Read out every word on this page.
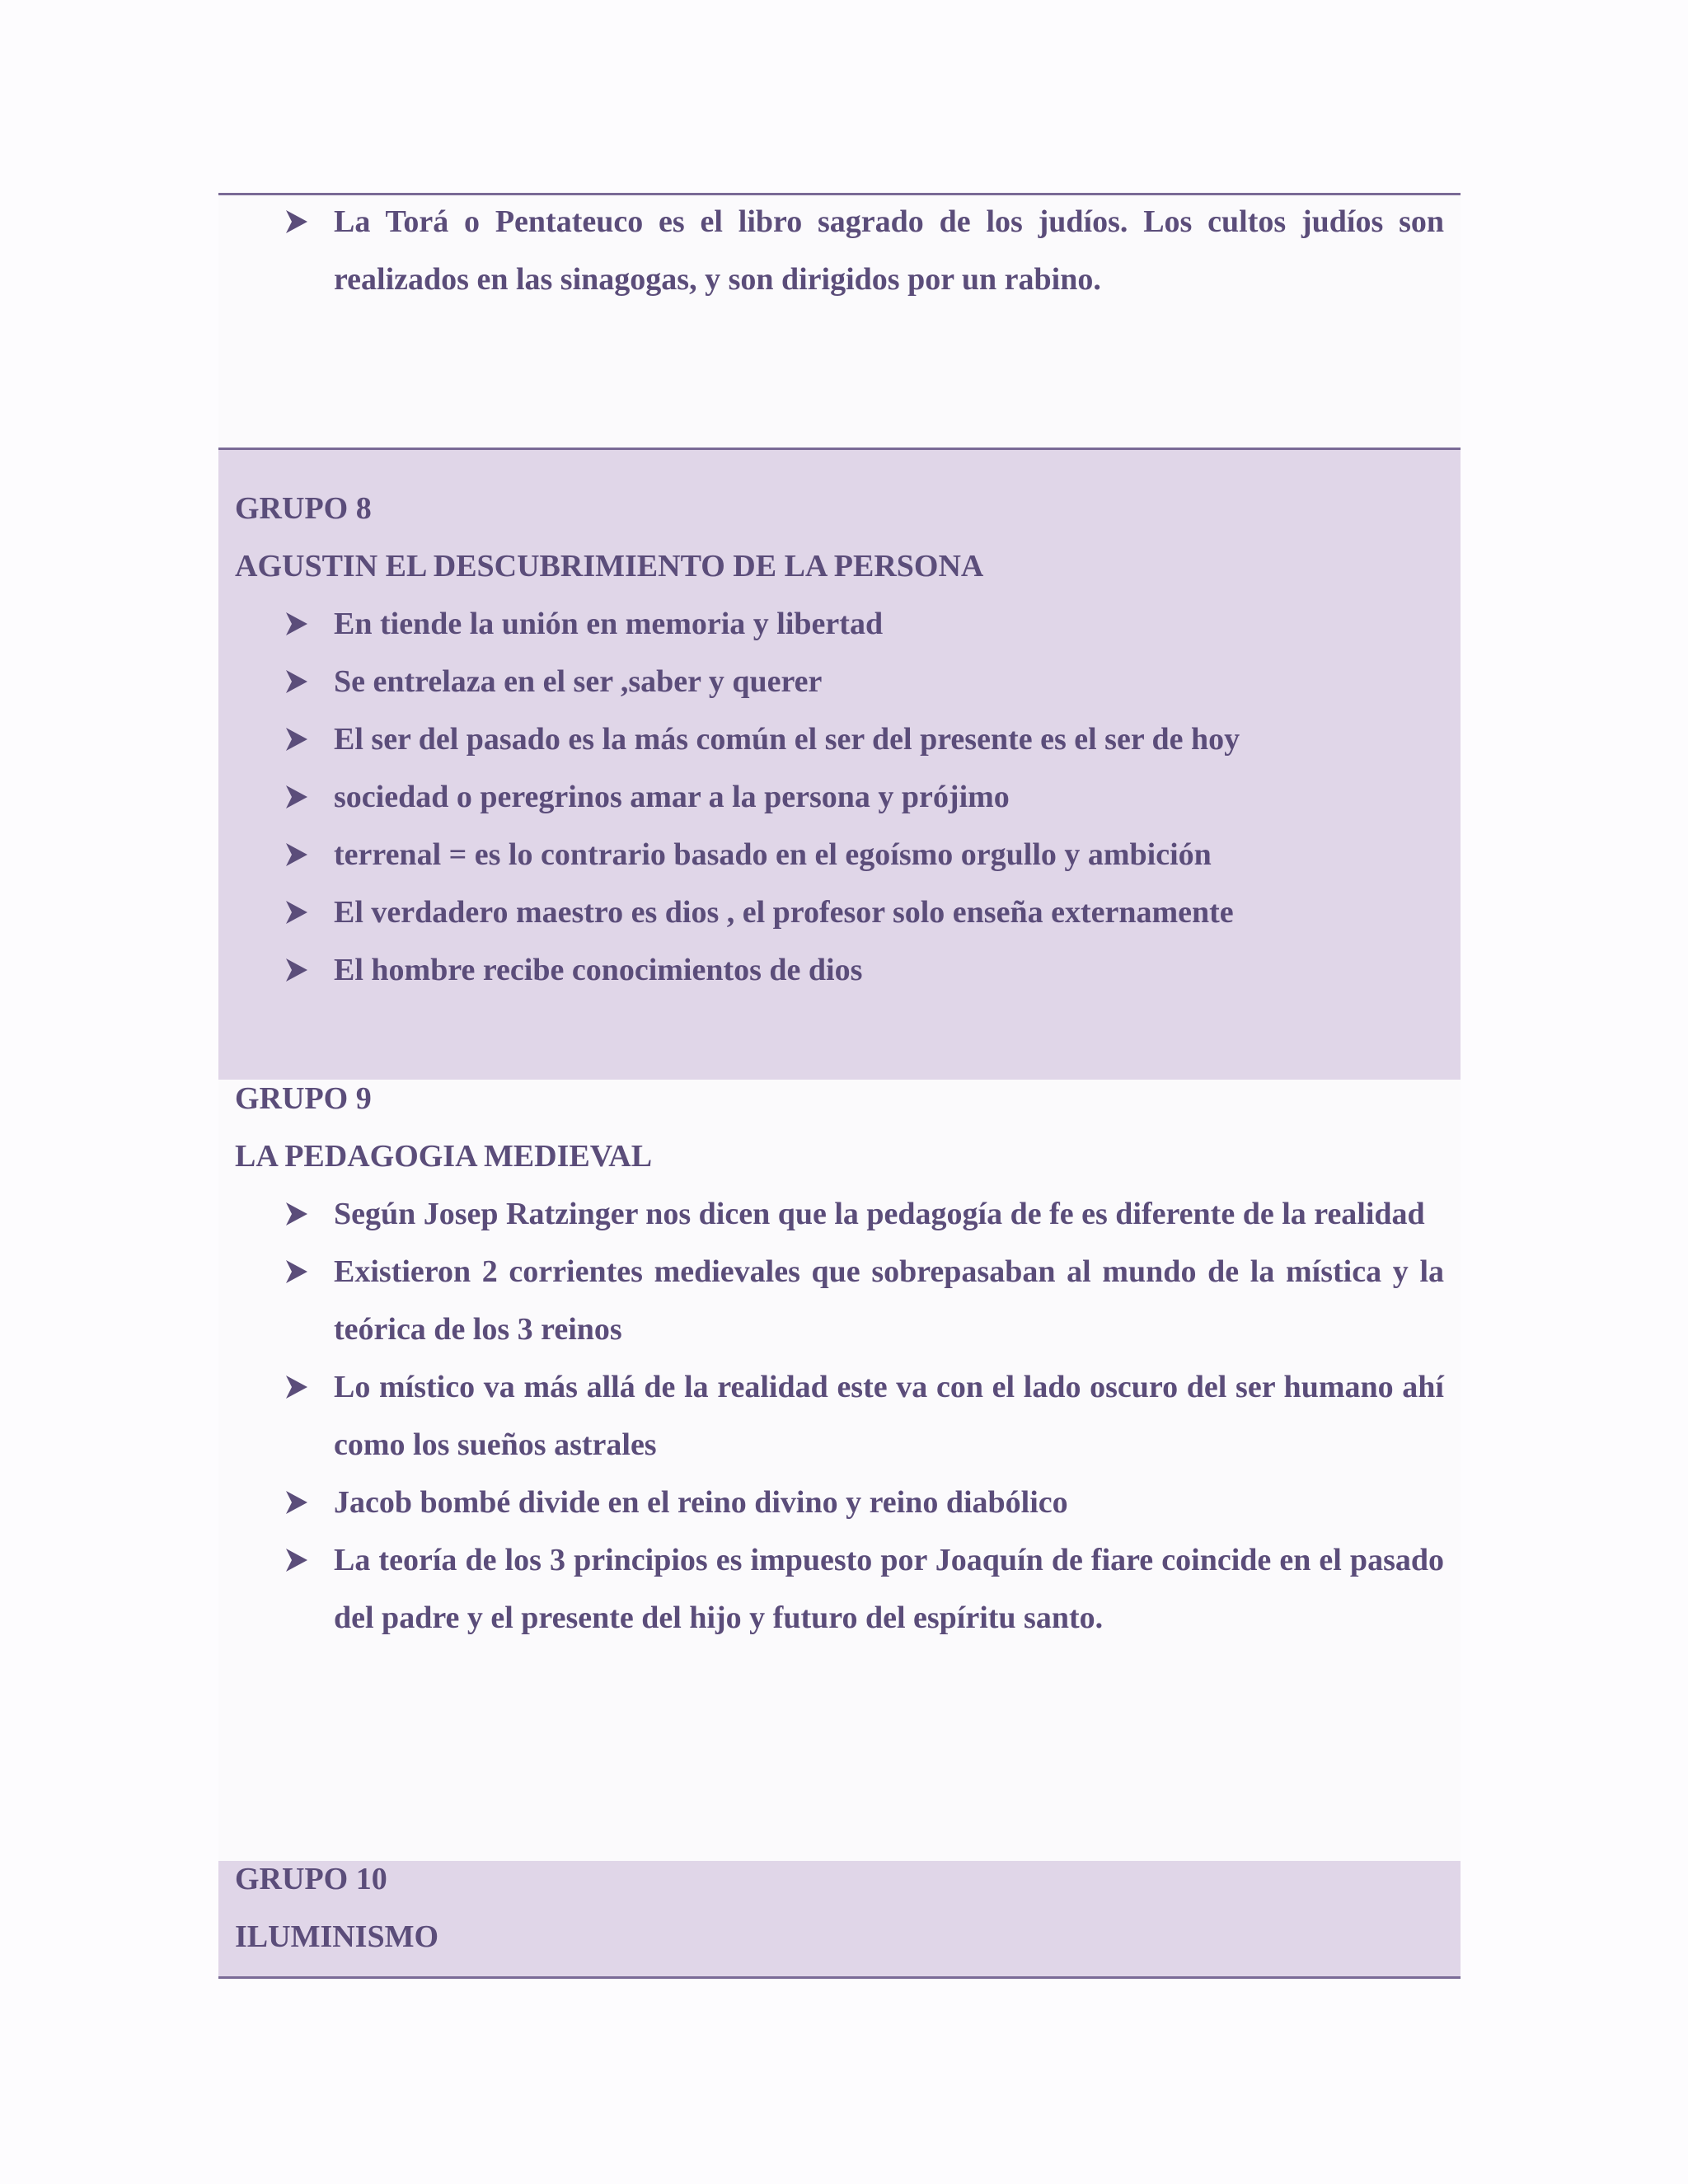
La Torá o Pentateuco es el libro sagrado de los judíos. Los cultos judíos son realizados en las sinagogas, y son dirigidos por un rabino.
GRUPO 8
AGUSTIN EL DESCUBRIMIENTO DE LA PERSONA
En tiende la unión en memoria y libertad
Se entrelaza en el ser ,saber y querer
El ser del pasado es la más común el ser del presente es el ser de hoy
sociedad o peregrinos amar a la persona y prójimo
terrenal = es lo contrario basado en el egoísmo orgullo y ambición
El verdadero maestro es dios , el profesor solo enseña externamente
El hombre recibe conocimientos de dios
GRUPO 9
LA PEDAGOGIA MEDIEVAL
Según Josep Ratzinger nos dicen que la pedagogía de fe es diferente de la realidad
Existieron 2 corrientes medievales que sobrepasaban al mundo de la mística y la teórica de los 3 reinos
Lo místico va más allá de la realidad este va con el lado oscuro del ser humano ahí como los sueños astrales
Jacob bombé divide en el reino divino y reino diabólico
La teoría de los 3 principios es impuesto por Joaquín de fiare coincide en el pasado del padre y el presente del hijo y futuro del espíritu santo.
GRUPO 10
ILUMINISMO
